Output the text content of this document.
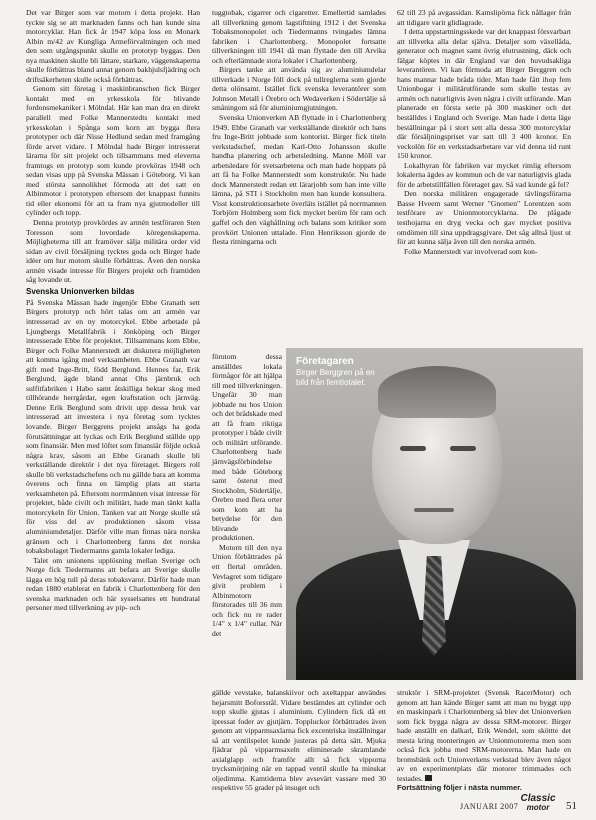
Det var Birger som var motorn i detta projekt. Han tyckte sig se att marknaden fanns och han kunde sina motorcyklar. Han fick år 1947 köpa loss en Monark Albin m/42 av Kungliga Armeförvaltningen och med den som utgångspunkt skulle en prototyp byggas. Den nya maskinen skulle bli lättare, starkare, väggenskaperna skulle förbättras bland annat genom bakhjulsfjädring och driftsäkerheten skulle också förbättras.

Genom sitt företag i maskinbranschen fick Birger kontakt med en yrkesskola för blivande fordonsmekaniker i Mölndal. Här kan man dra en direkt parallell med Folke Mannerstedts kontakt med yrkesskolan i Spånga som korn att bygga flera prototyper och där Nisse Hedlund sedan med framgång förde arvet vidare. I Mölndal hade Birger intresserat lärarna för sitt projekt och tillsammans med eleverna framtogs en prototyp som kunde provköras 1948 och sedan visas upp på Svenska Mässan i Göteborg. Vi kan med största sannolikhet förmoda att det satt en Albinmotor i prototypen eftersom det knappast funnits tid eller ekonomi för att ta fram nya gjutmodeller till cylinder och topp.

Denna prototyp provkördes av armén testföraren Sten Toresson som lovordade köregenskaperna. Möjligheterna till att framöver sälja militära order vid sidan av civil försäljning tycktes goda och Birger hade idéer om hur motorn skulle förbättras. Även den norska armén visade intresse för Birgers projekt och framtiden såg lovande ut.

Svenska Unionverken bildas

På Svenska Mässan hade ingenjör Ebbe Granath sett Birgers prototyp och hört talas om att armén var intresserad av en ny motorcykel. Ebbe arbetade på Ljungbergs Metallfabrik i Jönköping och Birger intresserade Ebbe för projektet. Tillsammans kom Ebbe, Birger och Folke Mannerstedt att diskutera möjligheten att komma igång med verksamheten. Ebbe Granath var gift med Inge-Britt, född Berglund. Hennes far, Erik Berglund, ägde bland annat Ohs järnbruk och sulfitfabriken i Habo samt åtskilliga hektar skog med tillhörande herrgårdar, egen kraftstation och järnväg. Denne Erik Berglund som drivit upp dessa bruk var intresserad att investera i nya företag som tycktes lovande. Birger Berggrens projekt ansågs ha goda förutsättningar att lyckas och Erik Berglund ställde upp som finansiär. Men med löftet som finansiär följde också några krav, såsom att Ebbe Granath skulle bli verkställande direktör i det nya företaget. Birgers roll skulle bli verkstadschefens och nu gällde bara att komma överens och finna en lämplig plats att starta verksamheten på. Eftersom norrmännen visat intresse för projektet, både civilt och militärt, hade man tänkt kalla motorcykeln för Union. Tanken var att Norge skulle stå för viss del av produktionen såsom vissa aluminiumdetaljer. Därför ville man finnas nära norska gränsen och i Charlottenberg fanns det norska tobaksbolaget Tiedermanns gamla lokaler lediga.

Talet om unionens upplösning mellan Sverige och Norge fick Tiedermanns att befara att Sverige skulle lägga en hög tull på deras tobaksvaror. Därför hade man redan 1880 etablerat en fabrik i Charlottenberg för den svenska marknaden och här sysselsattes ett hundratal personer med tillverkning av pip- och

tuggtobak, cigarrer och cigaretter. Emellertid samlades all tillverkning genom lagstiftning 1912 i det Svenska Tobaksmonopolet och Tiedermanns tvingades lämna fabriken i Charlottenberg. Monopolet fortsatte tillverkningen till 1941 då man flyttade den till Arvika och efterlämnade stora lokaler i Charlottenberg.

Birgers tanke att använda sig av aluminiumdelar tillverkade i Norge föll dock på tullreglerna som gjorde detta olönsamt. Istället fick svenska leverantörer som Johnson Metall i Örebro och Wedaverken i Södertälje så småningom stå för aluminiumgjutningen.

Svenska Unionverken AB flyttade in i Charlottenberg 1949. Ebbe Granath var verkställande direktör och hans fru Inge-Britt jobbade som kontorist. Birger fick titeln verkstadschef, medan Karl-Otto Johansson skulle handha planering och arbetsledning. Manne Möll var arbetsledare för svetsarbetena och man hade hoppats på att få ha Folke Mannerstedt som konstruktör. Nu hade dock Mannerstedt redan ett lärarjobb som han inte ville lämna, på STI i Stockholm men han kunde konsultera. Visst konstruktionsarbete överläts istället på norrmannen Torbjörn Holmberg som fick mycket beröm för ram och gaffel och den väghållning och balans som kritiker som provkört Unionen uttalade. Finn Henriksson gjorde de flesta ritningarna och

förutom dessa anställdes lokala förmågor för att hjälpa till med tillverkningen. Ungefär 30 man jobbade nu hos Union och det brådskade med att få fram riktiga prototyper i både civilt och militärt utförande. Charlottenberg hade järnvägsförbindelse med både Göteborg samt österut med Stockholm, Södertälje, Örebro med flera orter som kom att ha betydelse för den blivande produktionen.

Motorn till den nya Union förbättrades på ett flertal områden. Vevlagret som tidigare givit problem i Albinmotorn förstorades till 36 mm och fick nu re rader 1/4" x 1/4" rullar. När det

Företagaren
Birger Berggren på en bild från femtiotalet.

gällde vevstake, balanskiivor och axeltappar användes hejarsmitt Boforsstål. Vidare bestämdes att cylinder och topp skulle gjutas i aluminium. Cylindern fick då ett ipressat foder av gjutjärn. Toppluckor förbättrades även genom att vipparmsaxlarna fick excentriska inställningar så att ventilspelet kunde justeras på detta sätt. Mjuka fjädrar på vipparmsaxeln eliminerade skramlande axialglapp och framför allt så fick vipporna trycksmörjning när en tappad ventil skulle ha minskat oljedimma. Kamtiderna blev avsevärt vassare med 30 respektive 55 grader på insuget och

62 till 23 på avgassidan. Kamslipörna fick nållager från att tidigare varit glidlagrade.

I detta uppstartningsskede var det knappast försvarbart att tillverka alla delar själva. Detaljer som växellåda, generator och magnet samt övrig elutrustning, däck och fälgar köptes in där England var den huvudsakliga leverantören. Vi kan förmoda att Birger Berggren och hans mannar hade bråda tider. Man hade fått ihop fem Unionbogar i militärutförande som skulle testas av armén och naturligtvis även några i civilt utförande. Man planerade en första serie på 300 maskiner och det beställdes i England och Sverige. Man hade i detta läge beställningar på i stort sett alla dessa 300 motorcyklar där försäljningspriset var satt till 3 400 kronor. En veckolön för en verkstadsarbetare var vid denna tid runt 150 kronor.

Lokalhyran för fabriken var mycket rimlig eftersom lokalerna ägdes av kommun och de var naturligtvis glada för de arbetstillfällen företaget gav. Så vad kunde gå fel?

Den norska militären engagerade tävlingsförarna Basse Hveem samt Werner "Gnomen" Lorentzen som testförare av Unionmotorcyklarna. De plågade testhojarna en dryg vecka och gav mycket positiva omdömen till sina uppdragsgivare. Det såg alltså ljust ut för att kunna sälja även till den norska armén.

Folke Mannerstedt var involverad som kon-

struktör i SRM-projektet (Svensk RacerMotor) och genom att han kände Birger samt att man nu byggt upp en maskinpark i Charlottenberg så blev det Unionverken som fick bygga några av dessa SRM-motorer. Birger hade anställt en dalkarl, Erik Wendel, som sköttte det mesta kring monteringen av Unionmotorerna men som också fick jobba med SRM-motorerna. Man hade en bromsbänk och Unionverkens verkstad blev även något av en experimentplats där motorer trimmades och testades.

Fortsättning följer i nästa nummer.

JANUARI 2007
Classic
motor	51
